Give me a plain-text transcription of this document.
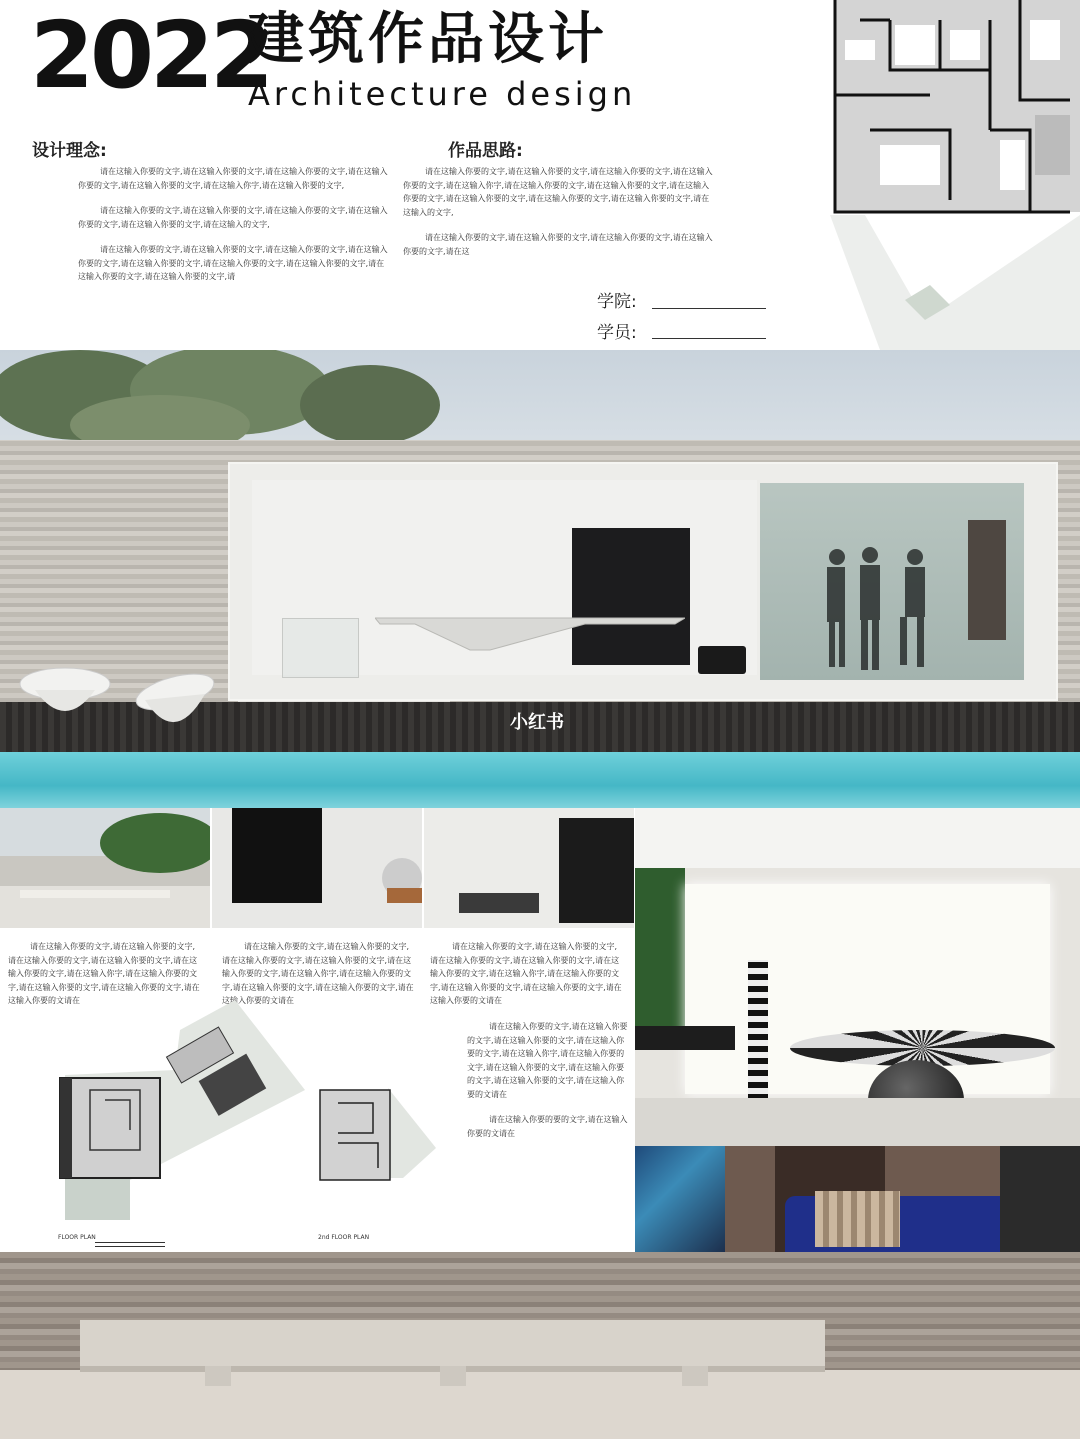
2022
建筑作品设计
Architecture design
设计理念:

请在这输入你要的文字,请在这输入你要的文字,请在这输入你要的文字,请在这输入你要的文字,请在这输入你要的文字,请在这输入你字,请在这输入你要的文字,

请在这输入你要的文字,请在这输入你要的文字,请在这输入你要的文字,请在这输入你要的文字,请在这输入你要的文字,请在这输入的文字,

请在这输入你要的文字,请在这输入你要的文字,请在这输入你要的文字,请在这输入你要的文字,请在这输入你要的文字,请在这输入你要的文字,请在这输入你要的文字,请在这输入你要的文字,请在这输入你要的文字,请

作品思路:

请在这输入你要的文字,请在这输入你要的文字,请在这输入你要的文字,请在这输入你要的文字,请在这输入你字,请在这输入你要的文字,请在这输入你要的文字,请在这输入你要的文字,请在这输入你要的文字,请在这输入你要的文字,请在这输入你要的文字,请在这输入的文字,

请在这输入你要的文字,请在这输入你要的文字,请在这输入你要的文字,请在这输入你要的文字,请在这

学院:
学员:
小红书

请在这输入你要的文字,请在这输入你要的文字,请在这输入你要的文字,请在这输入你要的文字,请在这输入你要的文字,请在这输入你字,请在这输入你要的文字,请在这输入你要的文字,请在这输入你要的文字,请在这输入你要的文请在

请在这输入你要的文字,请在这输入你要的文字,请在这输入你要的文字,请在这输入你要的文字,请在这输入你要的文字,请在这输入你字,请在这输入你要的文字,请在这输入你要的文字,请在这输入你要的文字,请在这输入你要的文请在

请在这输入你要的文字,请在这输入你要的文字,请在这输入你要的文字,请在这输入你要的文字,请在这输入你要的文字,请在这输入你字,请在这输入你要的文字,请在这输入你要的文字,请在这输入你要的文字,请在这输入你要的文请在

请在这输入你要的文字,请在这输入你要的文字,请在这输入你要的文字,请在这输入你要的文字,请在这输入你字,请在这输入你要的文字,请在这输入你要的文字,请在这输入你要的文字,请在这输入你要的文字,请在这输入你要的文请在

请在这输入你要的要的文字,请在这输入你要的文请在

FLOOR PLAN	2nd FLOOR PLAN
